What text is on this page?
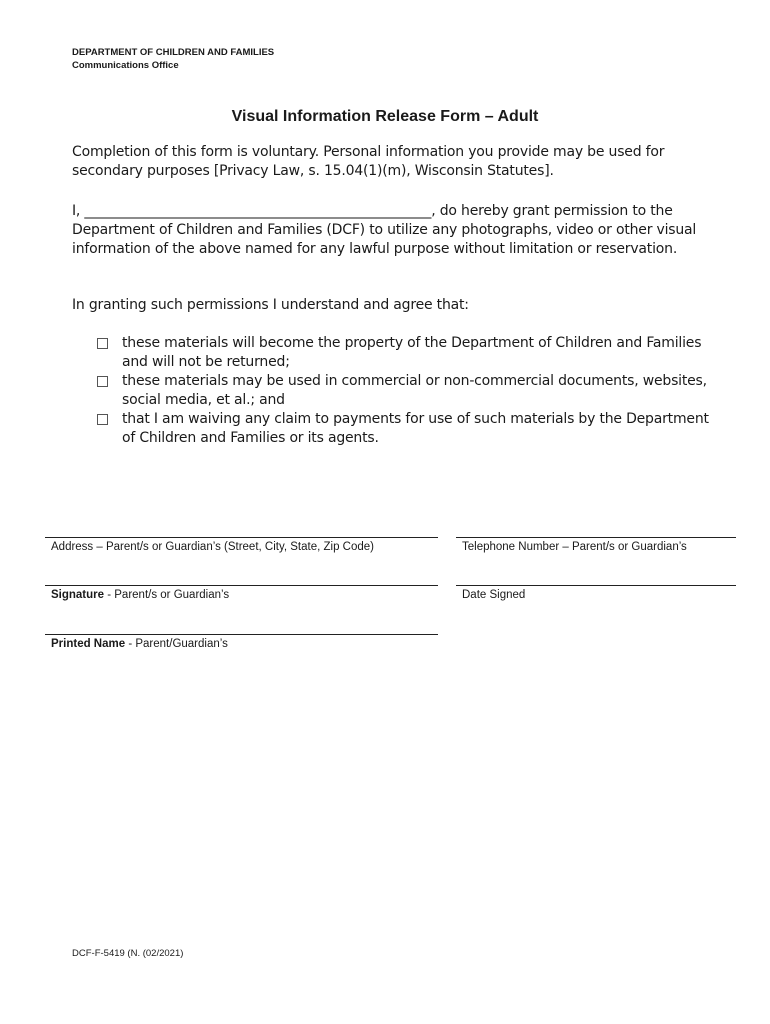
DEPARTMENT OF CHILDREN AND FAMILIES
Communications Office
Visual Information Release Form – Adult
Completion of this form is voluntary. Personal information you provide may be used for secondary purposes [Privacy Law, s. 15.04(1)(m), Wisconsin Statutes].
I, ___________________________________________________, do hereby grant permission to the Department of Children and Families (DCF) to utilize any photographs, video or other visual information of the above named for any lawful purpose without limitation or reservation.
In granting such permissions I understand and agree that:
these materials will become the property of the Department of Children and Families and will not be returned;
these materials may be used in commercial or non-commercial documents, websites, social media, et al.; and
that I am waiving any claim to payments for use of such materials by the Department of Children and Families or its agents.
Address – Parent/s or Guardian’s (Street, City, State, Zip Code)	Telephone Number – Parent/s or Guardian’s
Signature - Parent/s or Guardian’s	Date Signed
Printed Name - Parent/Guardian’s
DCF-F-5419 (N. (02/2021)
